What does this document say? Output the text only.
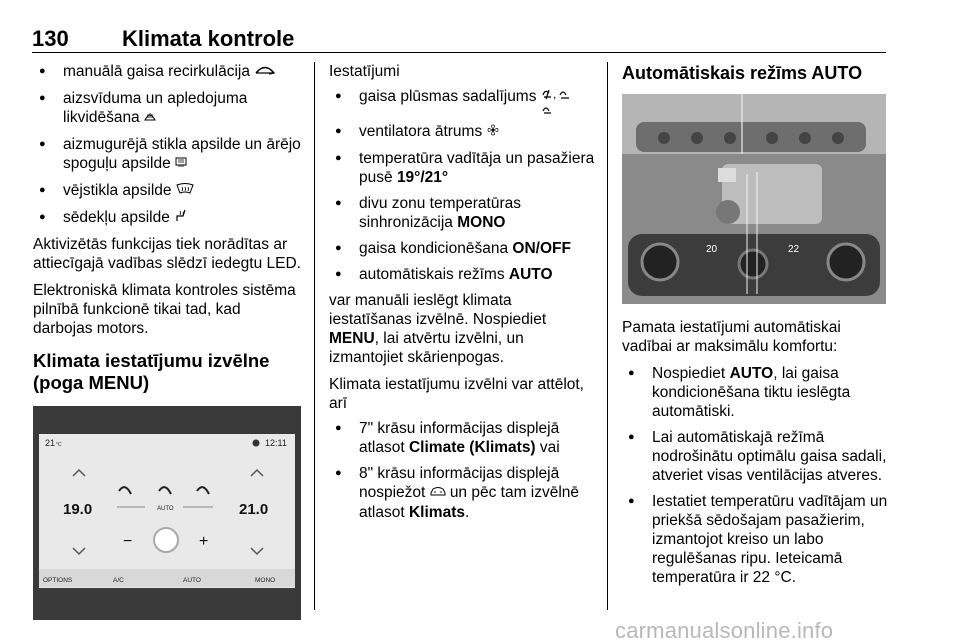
130 Klimata kontrole
● manuālā gaisa recirkulācija
● aizsvīduma un apledojuma likvidēšana
● aizmugurējā stikla apsilde un ārējo spoguļu apsilde
● vējstikla apsilde
● sēdekļu apsilde

Aktivizētās funkcijas tiek norādītas ar attiecīgajā vadības slēdzī iedegtu LED.

Elektroniskā klimata kontroles sistēma pilnībā funkcionē tikai tad, kad darbojas motors.

Klimata iestatījumu izvēlne (poga MENU)
21 °C	12:11
19.0	21.0
AUTO
−	+
OPTIONS	A/C	AUTO	MONO

Iestatījumi

● gaisa plūsmas sadalījums ,
● ventilatora ātrums
● temperatūra vadītāja un pasažiera pusē 19°/21°
● divu zonu temperatūras sinhronizācija MONO
● gaisa kondicionēšana ON/OFF
● automātiskais režīms AUTO

var manuāli ieslēgt klimata iestatīšanas izvēlnē. Nospiediet MENU, lai atvērtu izvēlni, un izmantojiet skārienpogas.

Klimata iestatījumu izvēlni var attēlot, arī

● 7" krāsu informācijas displejā atlasot Climate (Klimats) vai
● 8" krāsu informācijas displejā nospiežot un pēc tam izvēlnē atlasot Klimats.
Automātiskais režīms AUTO
20	22

Pamata iestatījumi automātiskai vadībai ar maksimālu komfortu:

● Nospiediet AUTO, lai gaisa kondicionēšana tiktu ieslēgta automātiski.
● Lai automātiskajā režīmā nodrošinātu optimālu gaisa sadali, atveriet visas ventilācijas atveres.
● Iestatiet temperatūru vadītājam un priekšā sēdošajam pasažierim, izmantojot kreiso un labo regulēšanas ripu. Ieteicamā temperatūra ir 22 °C.
carmanualsonline.info
